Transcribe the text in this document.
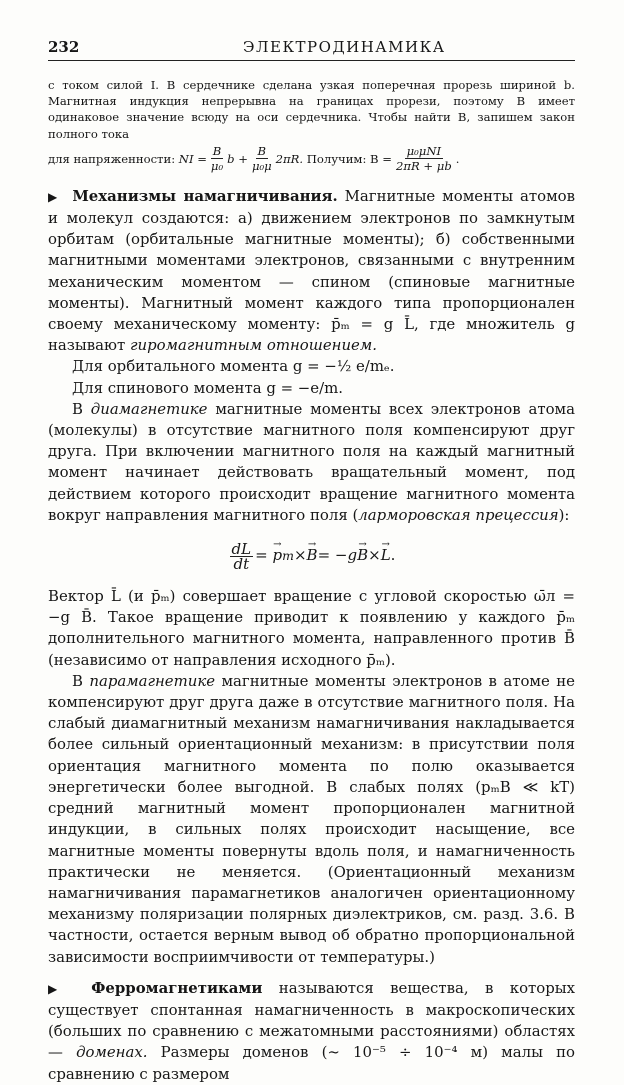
232	ЭЛЕКТРОДИНАМИКА
с током силой I. В сердечнике сделана узкая поперечная прорезь шириной b. Магнитная индукция непрерывна на границах прорези, поэтому B имеет одинаковое значение всюду на оси сердечника. Чтобы найти B, запишем закон полного тока
для напряженности:
NI = $\frac{B}{\text{μ₀}}$ $b + \frac{B}{\text{μ₀μ}} 2\pi R$.
Получим: $B = \frac{\text{μ₀μNI}}{2\pi R + \mu b}$ .

▶ Механизмы намагничивания. Магнитные моменты атомов и молекул создаются: а) движением электронов по замкнутым орбитам (орбитальные магнитные моменты); б) собственными магнитными моментами электронов, связанными с внутренним механическим моментом — спином (спиновые магнитные моменты). Магнитный момент каждого типа пропорционален своему механическому моменту: p̄ₘ = g L̄, где множитель g называют гиромагнитным отношением.

Для орбитального момента g = −½ e/mₑ.

Для спинового момента g = −e/m.

В диамагнетике магнитные моменты всех электронов атома (молекулы) в отсутствие магнитного поля компенсируют друг друга. При включении магнитного поля на каждый магнитный момент начинает действовать вращательный момент, под действием которого происходит вращение магнитного момента вокруг направления магнитного поля (ларморовская прецессия):

$\frac{dL}{dt}$ =
→ p m × → B = −g → B × → L .

Вектор L̄ (и p̄ₘ) совершает вращение с угловой скоростью ω̄л = −g B̄. Такое вращение приводит к появлению у каждого p̄ₘ дополнительного магнитного момента, направленного против B̄ (независимо от направления исходного p̄ₘ).

В парамагнетике магнитные моменты электронов в атоме не компенсируют друг друга даже в отсутствие магнитного поля. На слабый диамагнитный механизм намагничивания накладывается более сильный ориентационный механизм: в присутствии поля ориентация магнитного момента по полю оказывается энергетически более выгодной. В слабых полях (pₘB ≪ kT) средний магнитный момент пропорционален магнитной индукции, в сильных полях происходит насыщение, все магнитные моменты повернуты вдоль поля, и намагниченность практически не меняется. (Ориентационный механизм намагничивания парамагнетиков аналогичен ориентационному механизму поляризации полярных диэлектриков, см. разд. 3.6. В частности, остается верным вывод об обратно пропорциональной зависимости восприимчивости от температуры.)

▶ Ферромагнетиками называются вещества, в которых существует спонтанная намагниченность в макроскопических (больших по сравнению с межатомными расстояниями) областях — доменах. Размеры доменов (∼ 10⁻⁵ ÷ 10⁻⁴ м) малы по сравнению с размером
